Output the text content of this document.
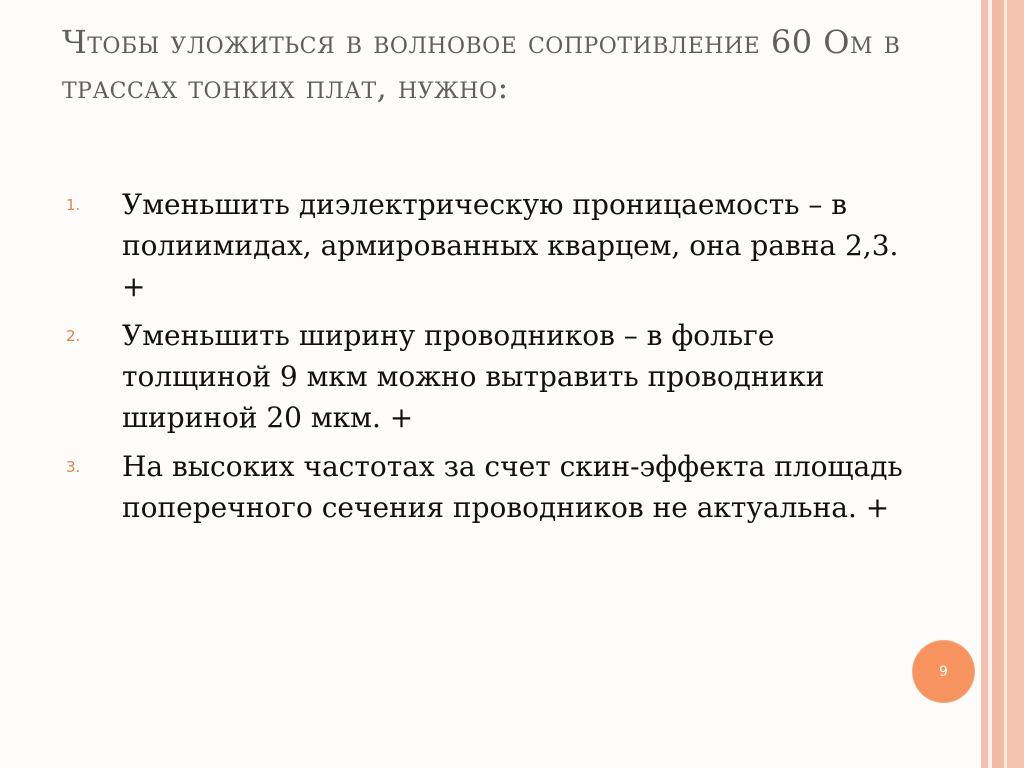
Чтобы уложиться в волновое сопротивление 60 Ом в трассах тонких плат, нужно:
1. Уменьшить диэлектрическую проницаемость – в полиимидах, армированных кварцем, она равна 2,3. +
2. Уменьшить ширину проводников – в фольге толщиной 9 мкм можно вытравить проводники шириной 20 мкм. +
3. На высоких частотах за счет скин-эффекта площадь поперечного сечения проводников не актуальна. +
9
